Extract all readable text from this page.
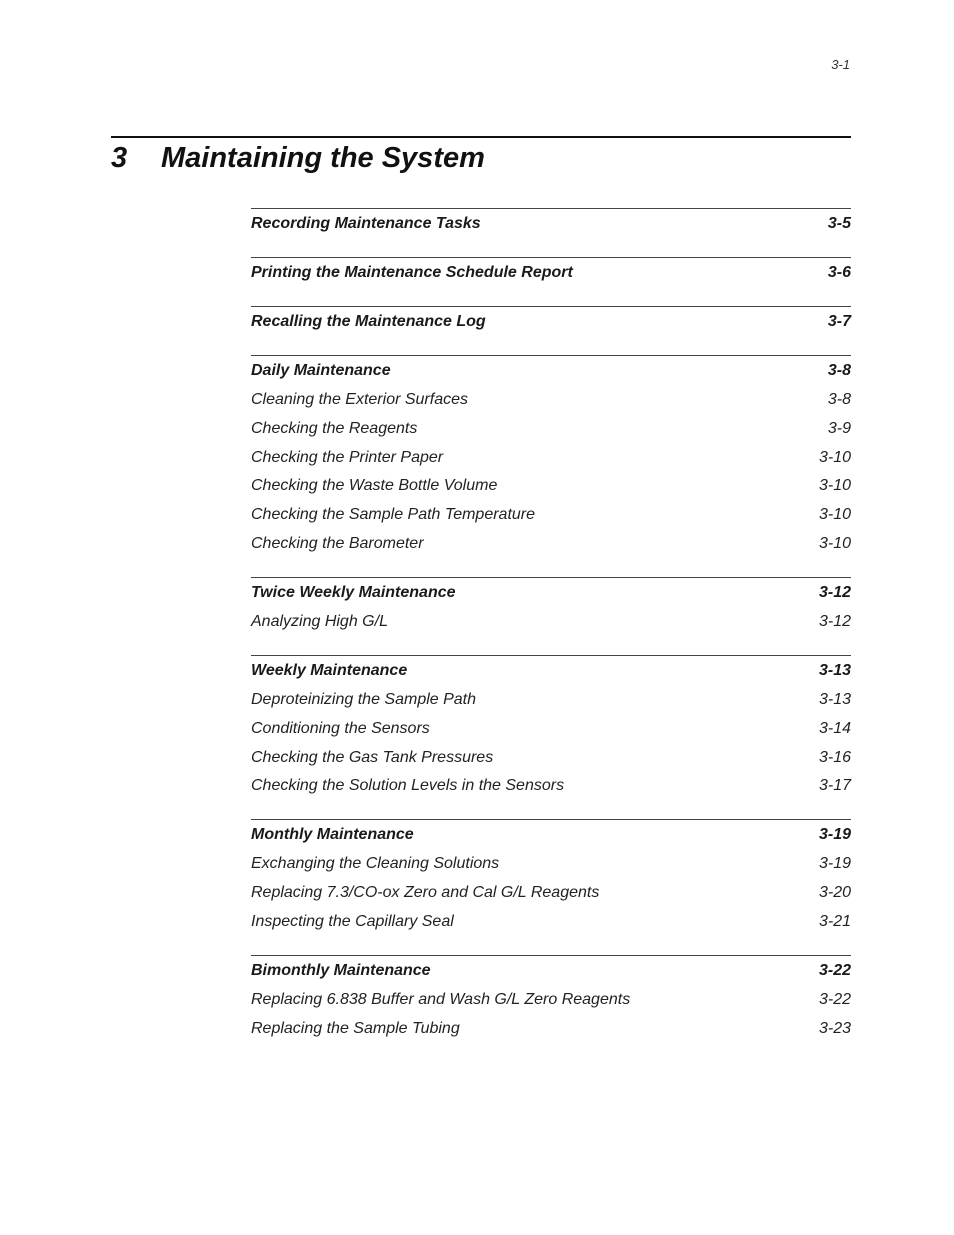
3-1
3 Maintaining the System
Recording Maintenance Tasks	3-5
Printing the Maintenance Schedule Report	3-6
Recalling the Maintenance Log	3-7
Daily Maintenance	3-8
Cleaning the Exterior Surfaces	3-8
Checking the Reagents	3-9
Checking the Printer Paper	3-10
Checking the Waste Bottle Volume	3-10
Checking the Sample Path Temperature	3-10
Checking the Barometer	3-10
Twice Weekly Maintenance	3-12
Analyzing High G/L	3-12
Weekly Maintenance	3-13
Deproteinizing the Sample Path	3-13
Conditioning the Sensors	3-14
Checking the Gas Tank Pressures	3-16
Checking the Solution Levels in the Sensors	3-17
Monthly Maintenance	3-19
Exchanging the Cleaning Solutions	3-19
Replacing 7.3/CO-ox Zero and Cal G/L Reagents	3-20
Inspecting the Capillary Seal	3-21
Bimonthly Maintenance	3-22
Replacing 6.838 Buffer and Wash G/L Zero Reagents	3-22
Replacing the Sample Tubing	3-23
